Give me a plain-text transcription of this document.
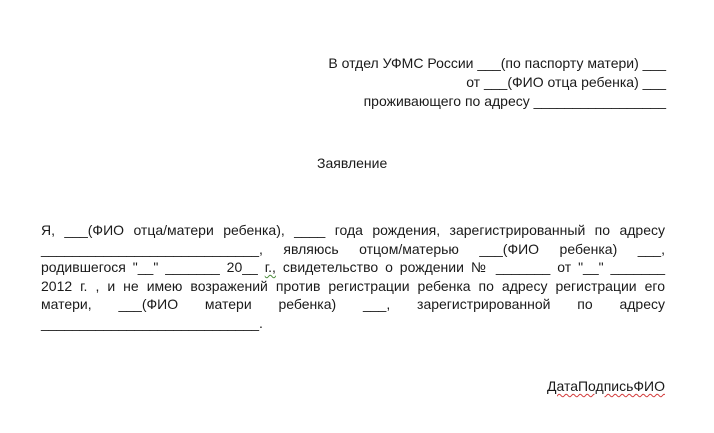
В отдел УФМС России ___(по паспорту матери) ___
от ___(ФИО отца ребенка) ___
проживающего по адресу _________________
Заявление
Я, ___(ФИО отца/матери ребенка), ____ года рождения, зарегистрированный по адресу
____________________________, являюсь отцом/матерью ___(ФИО ребенка) ___,
родившегося "__" _______ 20__ г., свидетельство о рождении № _______ от "__" _______
2012 г. , и не имею возражений против регистрации ребенка по адресу регистрации его
матери, ___(ФИО матери ребенка) ___, зарегистрированной по адресу
____________________________.
ДатаПодписьФИО
